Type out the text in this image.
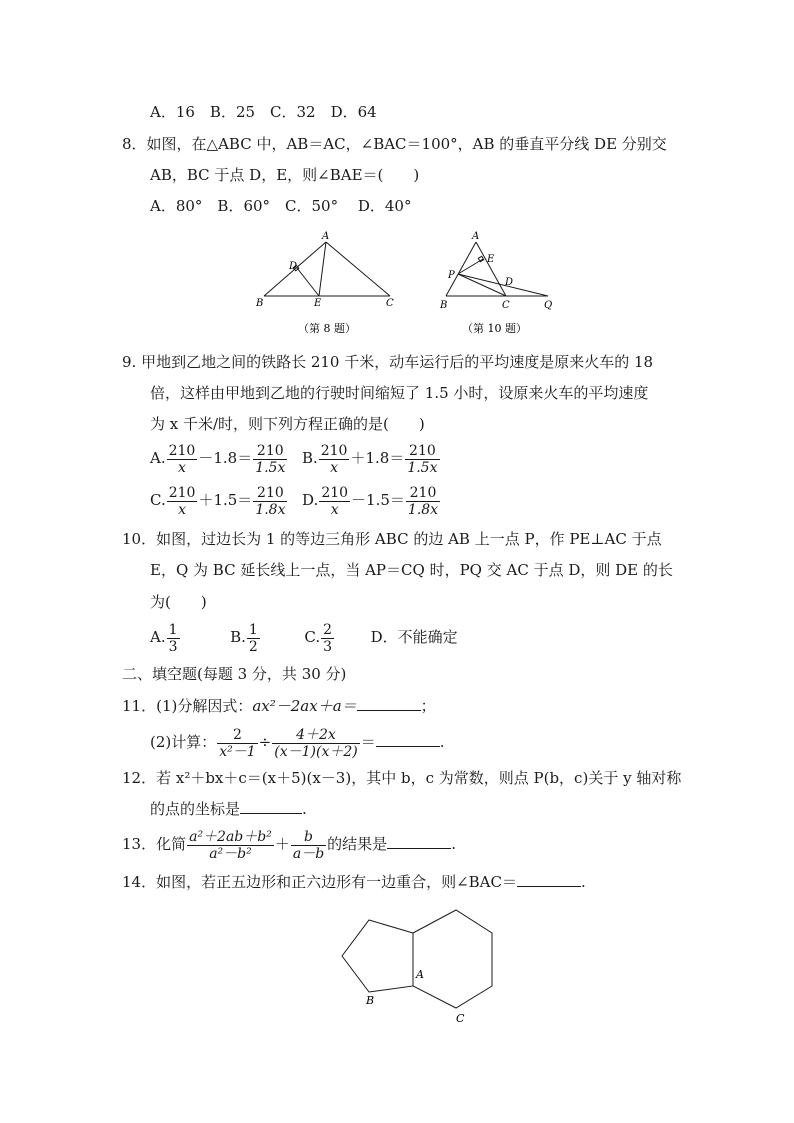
A．16　B．25　C．32　D．64
8．如图，在△ABC 中，AB＝AC，∠BAC＝100°，AB 的垂直平分线 DE 分别交
AB，BC 于点 D，E，则∠BAE＝(　　)
A．80°　B．60°　C．50°　 D．40°
A
B	C
D
E
（第 8 题）
A
B	C
D
E
P
Q
（第 10 题）
9. 甲地到乙地之间的铁路长 210 千米，动车运行后的平均速度是原来火车的 18
倍，这样由甲地到乙地的行驶时间缩短了 1.5 小时，设原来火车的平均速度
为 x 千米/时，则下列方程正确的是(　　)
A. $\frac{210}{x} -1.8= \frac{210}{1.5x} B$. $\frac{210}{x} +1.8= \frac{210}{1.5x}$
C. $\frac{210}{x} +1.5= \frac{210}{1.8x} D$. $\frac{210}{x} -1.5= \frac{210}{1.8x}$
10．如图，过边长为 1 的等边三角形 ABC 的边 AB 上一点 P，作 PE⊥AC 于点
E，Q 为 BC 延长线上一点，当 AP＝CQ 时，PQ 交 AC 于点 D，则 DE 的长
为(　　)
A. $\frac{1}{3}$	B. $\frac{1}{2}$	C. $\frac{2}{3}$ D．不能确定
二、填空题(每题 3 分，共 30 分)
11．(1)分解因式：ax²－2ax＋a＝	；
(2)计算： $\frac{2}{\text{x²－1}} \div \frac{4+2x}{(x-1)(x+2)}$ ＝	.
12．若 x²＋bx＋c＝(x＋5)(x－3)，其中 b，c 为常数，则点 P(b，c)关于 y 轴对称
的点的坐标是	.
13．化简 $\frac{\text{a²＋2ab＋b²}}{\text{a²－b²}} + \frac{b}{a-b}$ 的结果是	.
14．如图，若正五边形和正六边形有一边重合，则∠BAC＝	.
A
B
C
